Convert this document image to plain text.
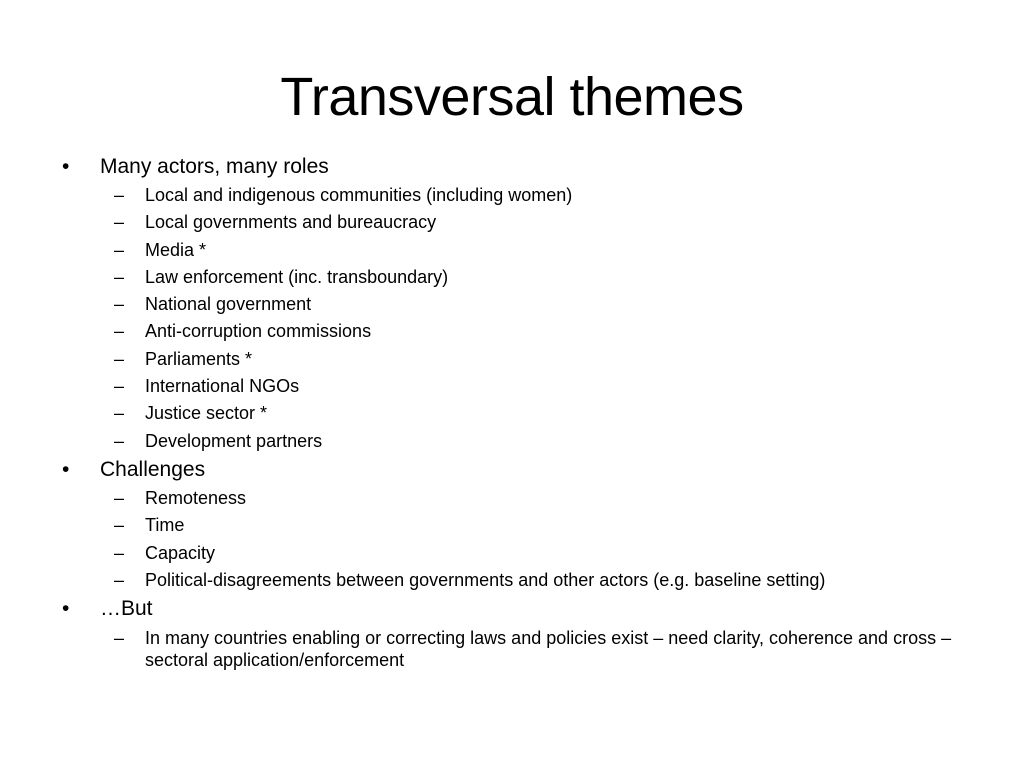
Transversal themes
• Many actors, many roles
– Local and indigenous communities (including women)
– Local governments and bureaucracy
– Media *
– Law enforcement (inc. transboundary)
– National government
– Anti-corruption commissions
– Parliaments *
– International NGOs
– Justice sector *
– Development partners
• Challenges
– Remoteness
– Time
– Capacity
– Political-disagreements between governments and other actors (e.g. baseline setting)
• …But
– In many countries enabling or correcting laws and policies exist – need clarity, coherence and cross – sectoral application/enforcement
